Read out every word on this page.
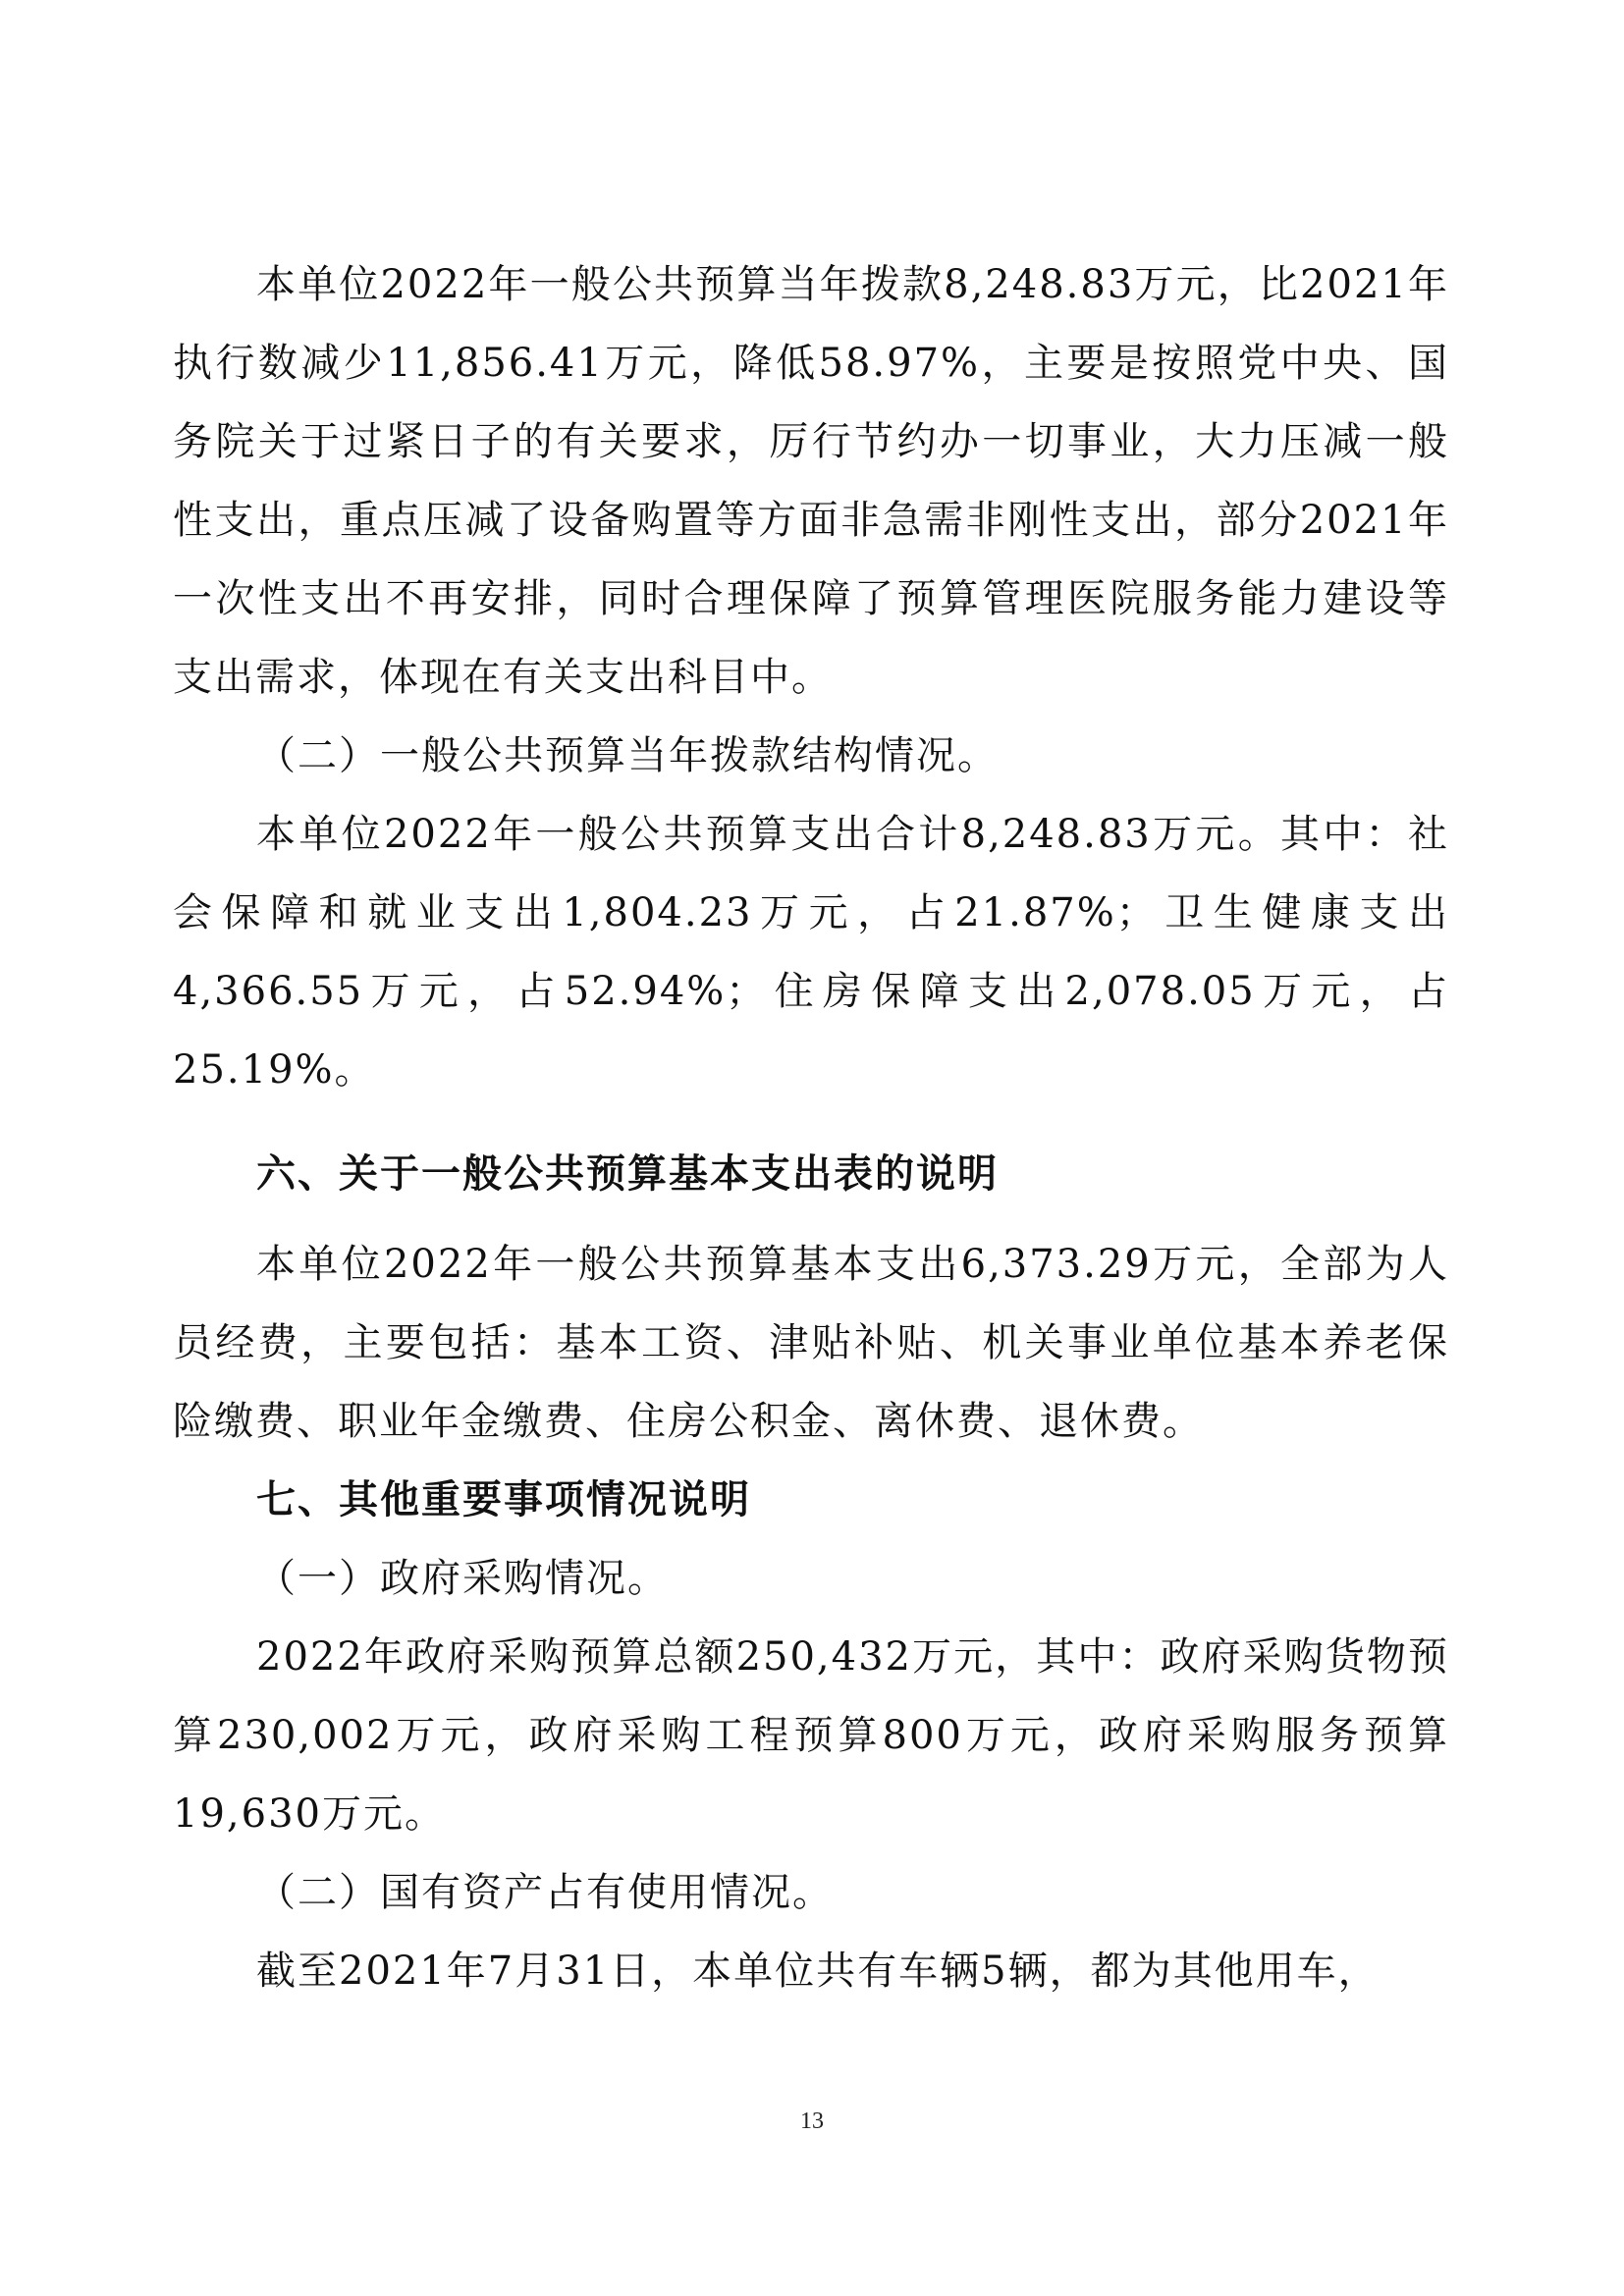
本单位2022年一般公共预算当年拨款8,248.83万元，比2021年执行数减少11,856.41万元，降低58.97%，主要是按照党中央、国务院关于过紧日子的有关要求，厉行节约办一切事业，大力压减一般性支出，重点压减了设备购置等方面非急需非刚性支出，部分2021年一次性支出不再安排，同时合理保障了预算管理医院服务能力建设等支出需求，体现在有关支出科目中。

（二）一般公共预算当年拨款结构情况。

本单位2022年一般公共预算支出合计8,248.83万元。其中：社会保障和就业支出1,804.23万元，占21.87%；卫生健康支出4,366.55万元，占52.94%；住房保障支出2,078.05万元，占25.19%。

六、关于一般公共预算基本支出表的说明

本单位2022年一般公共预算基本支出6,373.29万元，全部为人员经费，主要包括：基本工资、津贴补贴、机关事业单位基本养老保险缴费、职业年金缴费、住房公积金、离休费、退休费。

七、其他重要事项情况说明

（一）政府采购情况。

2022年政府采购预算总额250,432万元，其中：政府采购货物预算230,002万元，政府采购工程预算800万元，政府采购服务预算19,630万元。

（二）国有资产占有使用情况。

截至2021年7月31日，本单位共有车辆5辆，都为其他用车，

13
